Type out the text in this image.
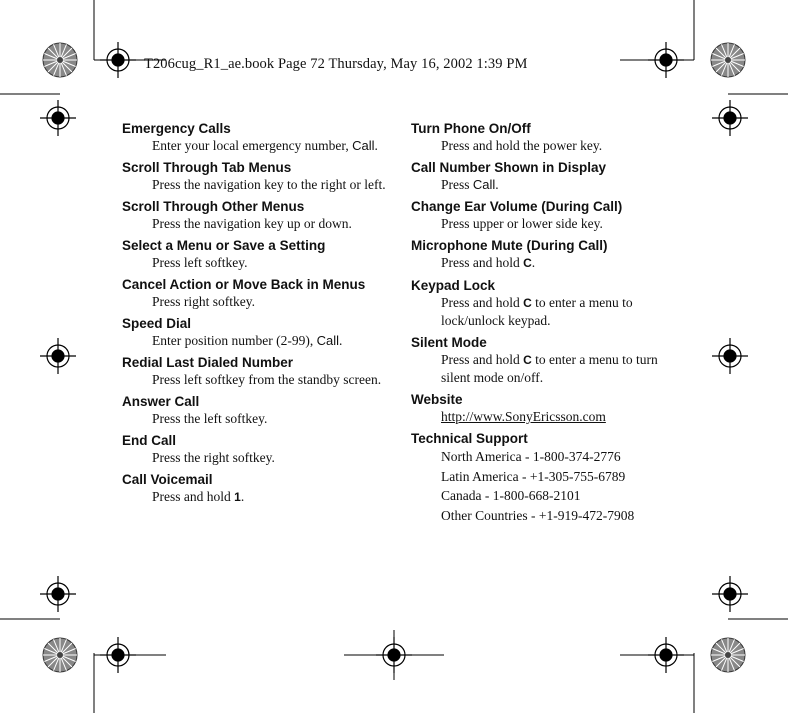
T206cug_R1_ae.book Page 72 Thursday, May 16, 2002 1:39 PM
Emergency Calls
Enter your local emergency number, Call.
Scroll Through Tab Menus
Press the navigation key to the right or left.
Scroll Through Other Menus
Press the navigation key up or down.
Select a Menu or Save a Setting
Press left softkey.
Cancel Action or Move Back in Menus
Press right softkey.
Speed Dial
Enter position number (2-99), Call.
Redial Last Dialed Number
Press left softkey from the standby screen.
Answer Call
Press the left softkey.
End Call
Press the right softkey.
Call Voicemail
Press and hold 1.
Turn Phone On/Off
Press and hold the power key.
Call Number Shown in Display
Press Call.
Change Ear Volume (During Call)
Press upper or lower side key.
Microphone Mute (During Call)
Press and hold C.
Keypad Lock
Press and hold C to enter a menu to lock/unlock keypad.
Silent Mode
Press and hold C to enter a menu to turn silent mode on/off.
Website
http://www.SonyEricsson.com
Technical Support
North America - 1-800-374-2776
Latin America - +1-305-755-6789
Canada - 1-800-668-2101
Other Countries - +1-919-472-7908
